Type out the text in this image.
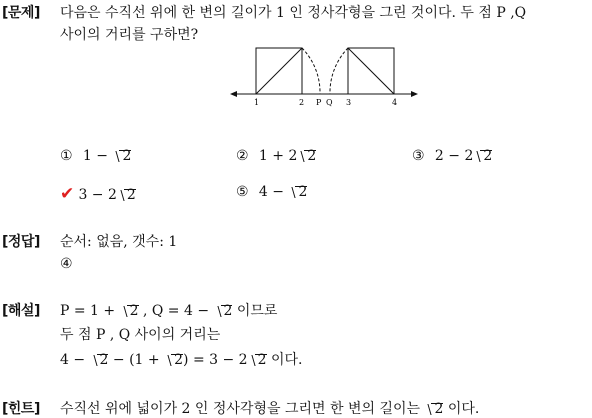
[문제] 다음은 수직선 위에 한 변의 길이가 1 인 정사각형을 그린 것이다. 두 점 P ,Q
사이의 거리를 구하면?
1	2 P Q 3	4
① 1 − 2	② 1 + 2 2	③ 2 − 2 2
✔ 3 − 2 2	⑤ 4 − 2
[정답] 순서: 없음, 갯수: 1
④
[해설] P = 1 + 2 , Q = 4 − 2 이므로
두 점 P , Q 사이의 거리는
4 − 2 − (1 + 2) = 3 − 2 2 이다.
[힌트] 수직선 위에 넓이가 2 인 정사각형을 그리면 한 변의 길이는 2 이다.
